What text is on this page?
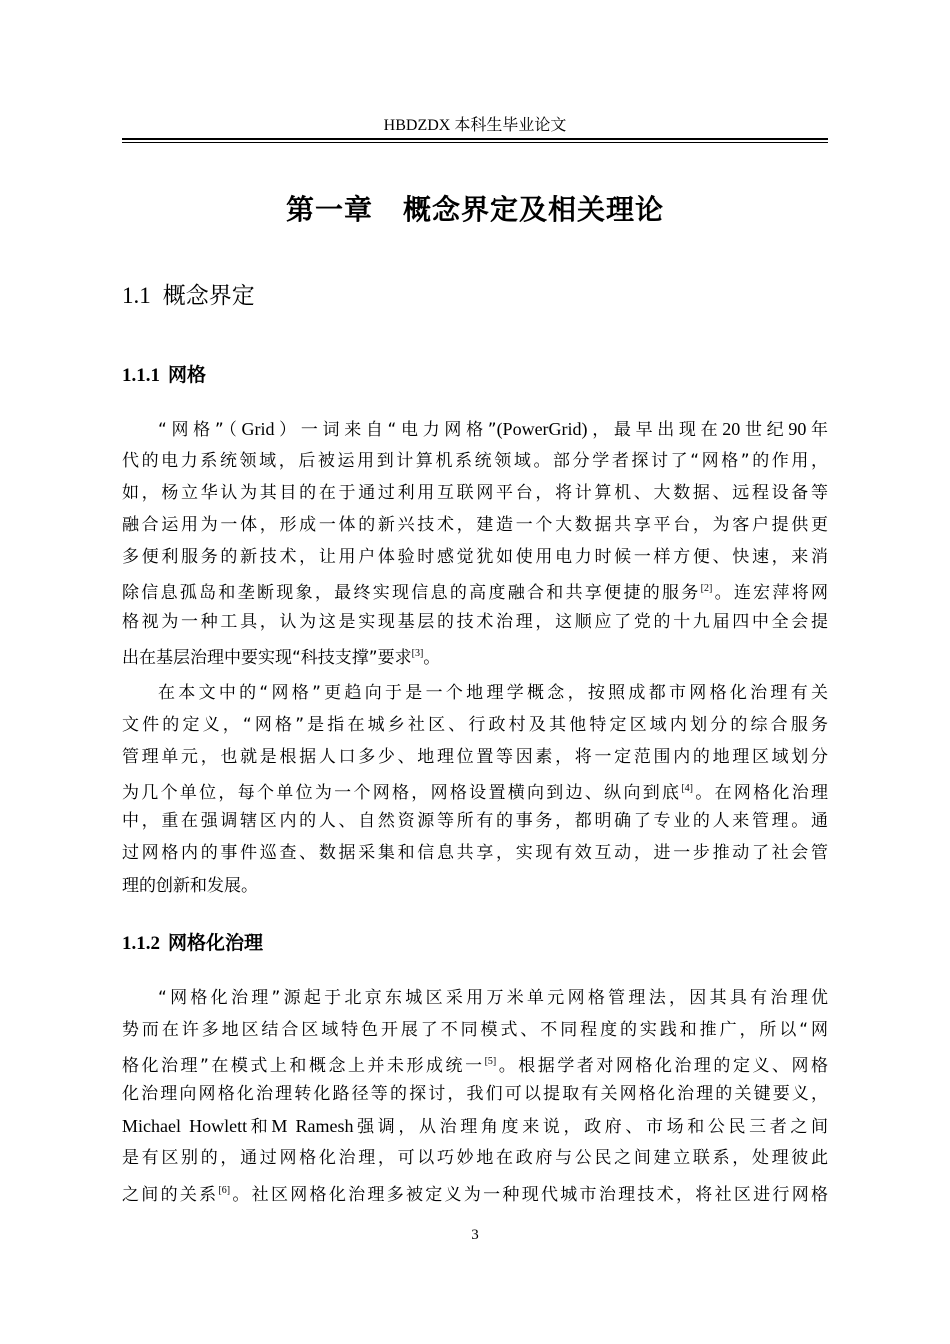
HBDZDX 本科生毕业论文
第一章 概念界定及相关理论
1.1 概念界定
1.1.1 网格
“网格”（Grid）一词来自“电力网格”(PowerGrid)，最早出现在20世纪90年
代的电力系统领域，后被运用到计算机系统领域。部分学者探讨了“网格”的作用，
如，杨立华认为其目的在于通过利用互联网平台，将计算机、大数据、远程设备等
融合运用为一体，形成一体的新兴技术，建造一个大数据共享平台，为客户提供更
多便利服务的新技术，让用户体验时感觉犹如使用电力时候一样方便、快速，来消
除信息孤岛和垄断现象，最终实现信息的高度融合和共享便捷的服务[2]。连宏萍将网
格视为一种工具，认为这是实现基层的技术治理，这顺应了党的十九届四中全会提
出在基层治理中要实现“科技支撑”要求[3]。
在本文中的“网格”更趋向于是一个地理学概念，按照成都市网格化治理有关
文件的定义，“网格”是指在城乡社区、行政村及其他特定区域内划分的综合服务
管理单元，也就是根据人口多少、地理位置等因素，将一定范围内的地理区域划分
为几个单位，每个单位为一个网格，网格设置横向到边、纵向到底[4]。在网格化治理
中，重在强调辖区内的人、自然资源等所有的事务，都明确了专业的人来管理。通
过网格内的事件巡查、数据采集和信息共享，实现有效互动，进一步推动了社会管
理的创新和发展。
1.1.2 网格化治理
“网格化治理”源起于北京东城区采用万米单元网格管理法，因其具有治理优
势而在许多地区结合区域特色开展了不同模式、不同程度的实践和推广，所以“网
格化治理”在模式上和概念上并未形成统一[5]。根据学者对网格化治理的定义、网格
化治理向网格化治理转化路径等的探讨，我们可以提取有关网格化治理的关键要义，
Michael Howlett和M Ramesh强调，从治理角度来说，政府、市场和公民三者之间
是有区别的，通过网格化治理，可以巧妙地在政府与公民之间建立联系，处理彼此
之间的关系[6]。社区网格化治理多被定义为一种现代城市治理技术，将社区进行网格
3
